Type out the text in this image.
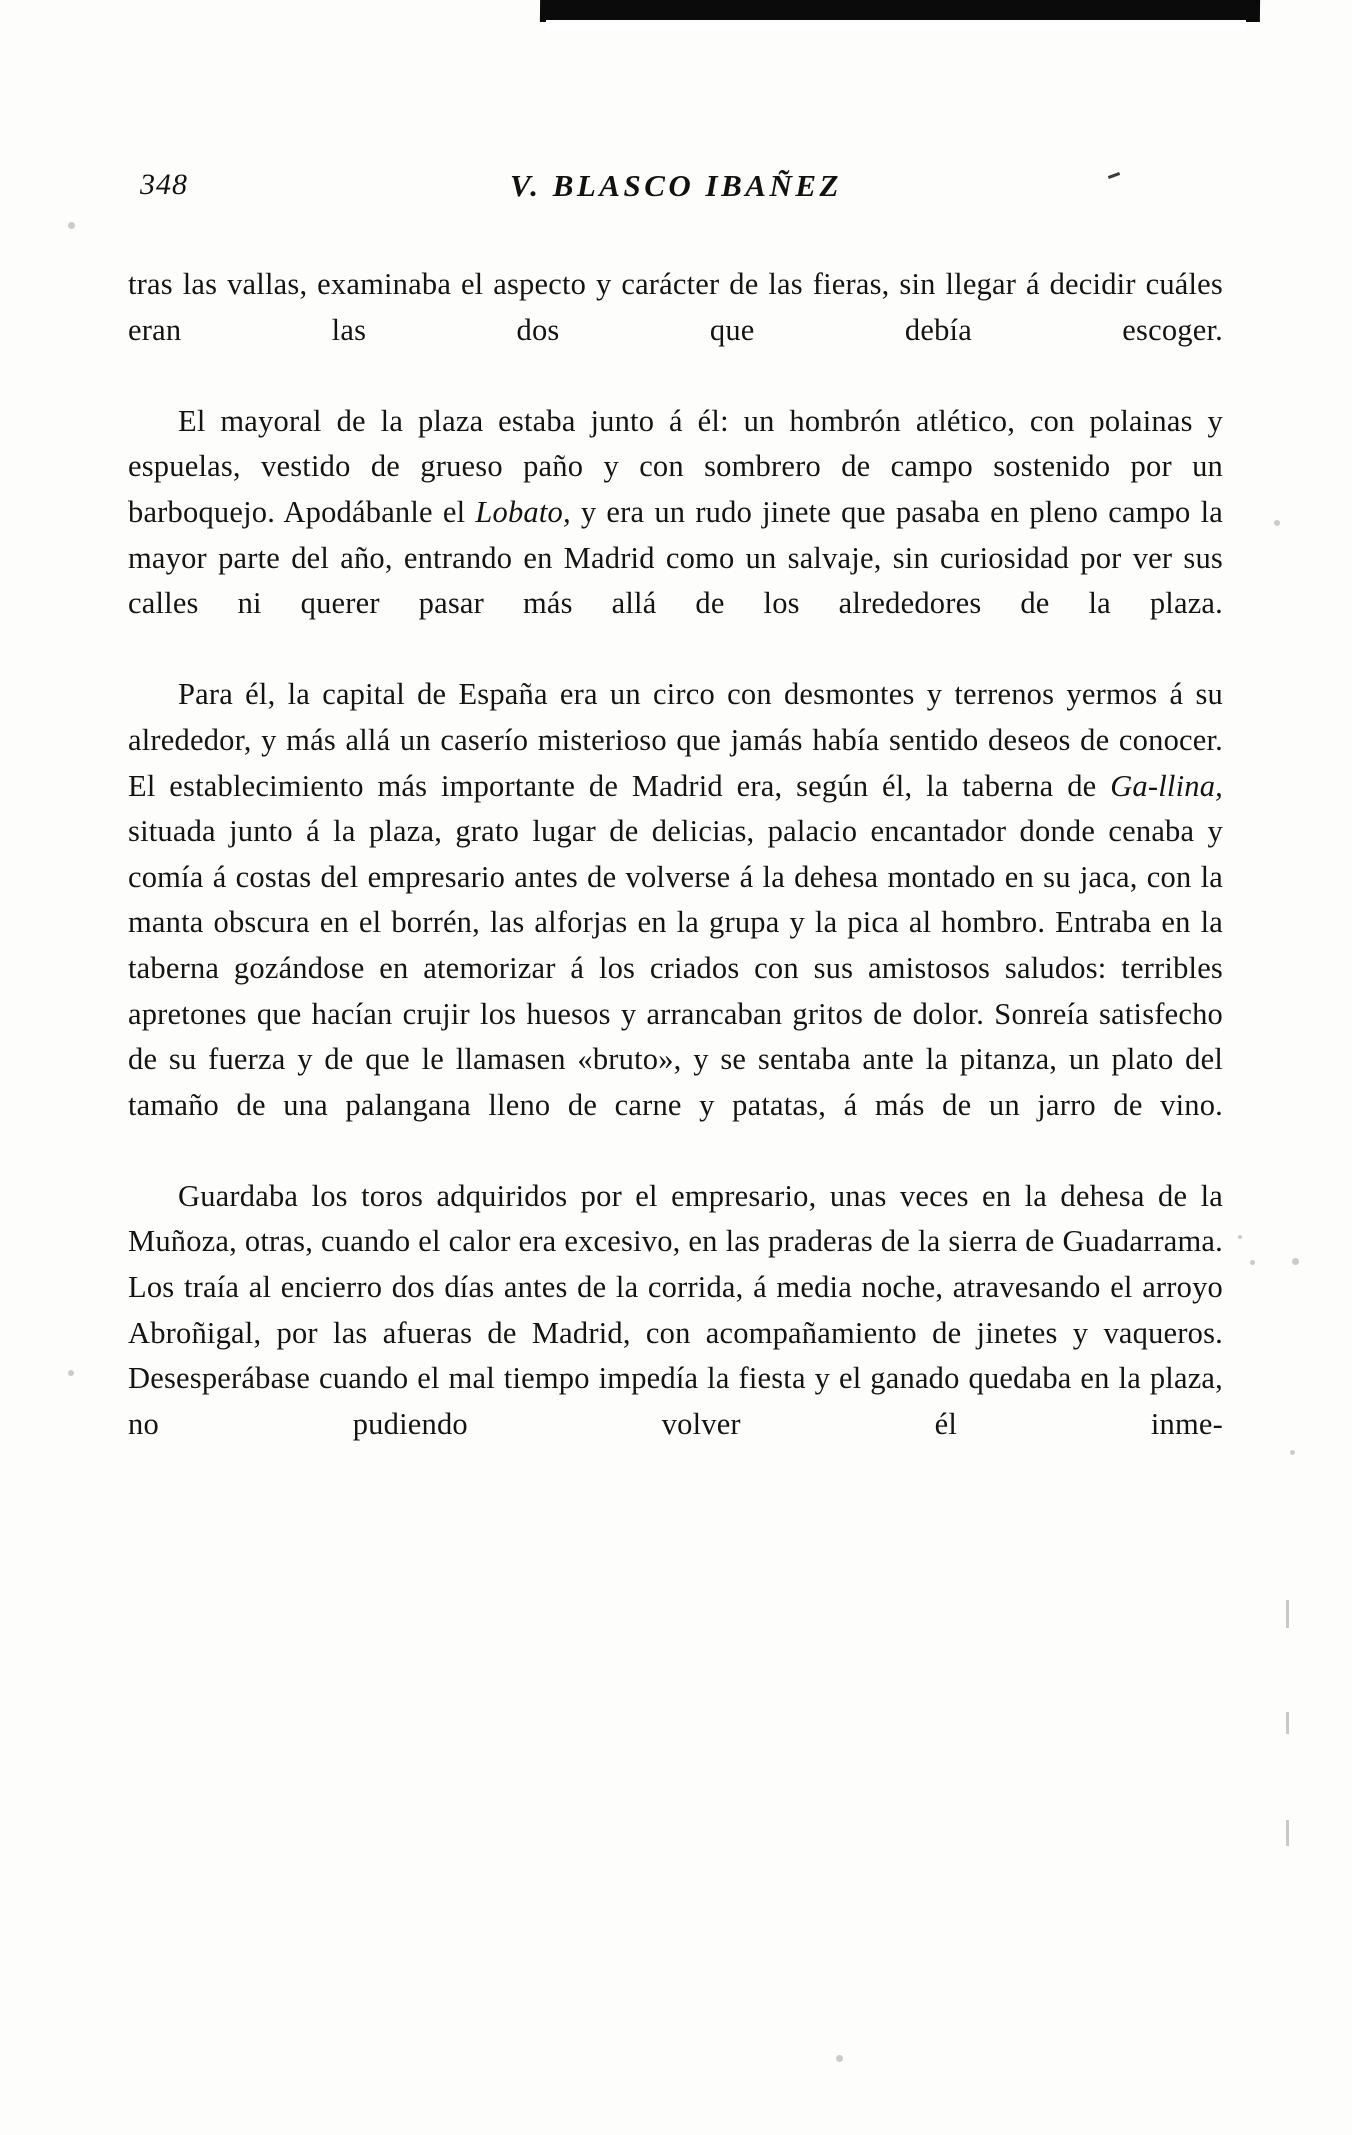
348	V. BLASCO IBAÑEZ

tras las vallas, examinaba el aspecto y carácter de las fieras, sin llegar á decidir cuáles eran las dos que debía escoger.

El mayoral de la plaza estaba junto á él: un hombrón atlético, con polainas y espuelas, vestido de grueso paño y con sombrero de campo sostenido por un barboquejo. Apodábanle el Lobato, y era un rudo jinete que pasaba en pleno campo la mayor parte del año, entrando en Madrid como un salvaje, sin curiosidad por ver sus calles ni querer pasar más allá de los alrededores de la plaza.

Para él, la capital de España era un circo con desmontes y terrenos yermos á su alrededor, y más allá un caserío misterioso que jamás había sentido deseos de conocer. El establecimiento más importante de Madrid era, según él, la taberna de Ga-llina, situada junto á la plaza, grato lugar de delicias, palacio encantador donde cenaba y comía á costas del empresario antes de volverse á la dehesa montado en su jaca, con la manta obscura en el borrén, las alforjas en la grupa y la pica al hombro. Entraba en la taberna gozándose en atemorizar á los criados con sus amistosos saludos: terribles apretones que hacían crujir los huesos y arrancaban gritos de dolor. Sonreía satisfecho de su fuerza y de que le llamasen «bruto», y se sentaba ante la pitanza, un plato del tamaño de una palangana lleno de carne y patatas, á más de un jarro de vino.

Guardaba los toros adquiridos por el empresario, unas veces en la dehesa de la Muñoza, otras, cuando el calor era excesivo, en las praderas de la sierra de Guadarrama. Los traía al encierro dos días antes de la corrida, á media noche, atravesando el arroyo Abroñigal, por las afueras de Madrid, con acompañamiento de jinetes y vaqueros. Desesperábase cuando el mal tiempo impedía la fiesta y el ganado quedaba en la plaza, no pudiendo volver él inme-
